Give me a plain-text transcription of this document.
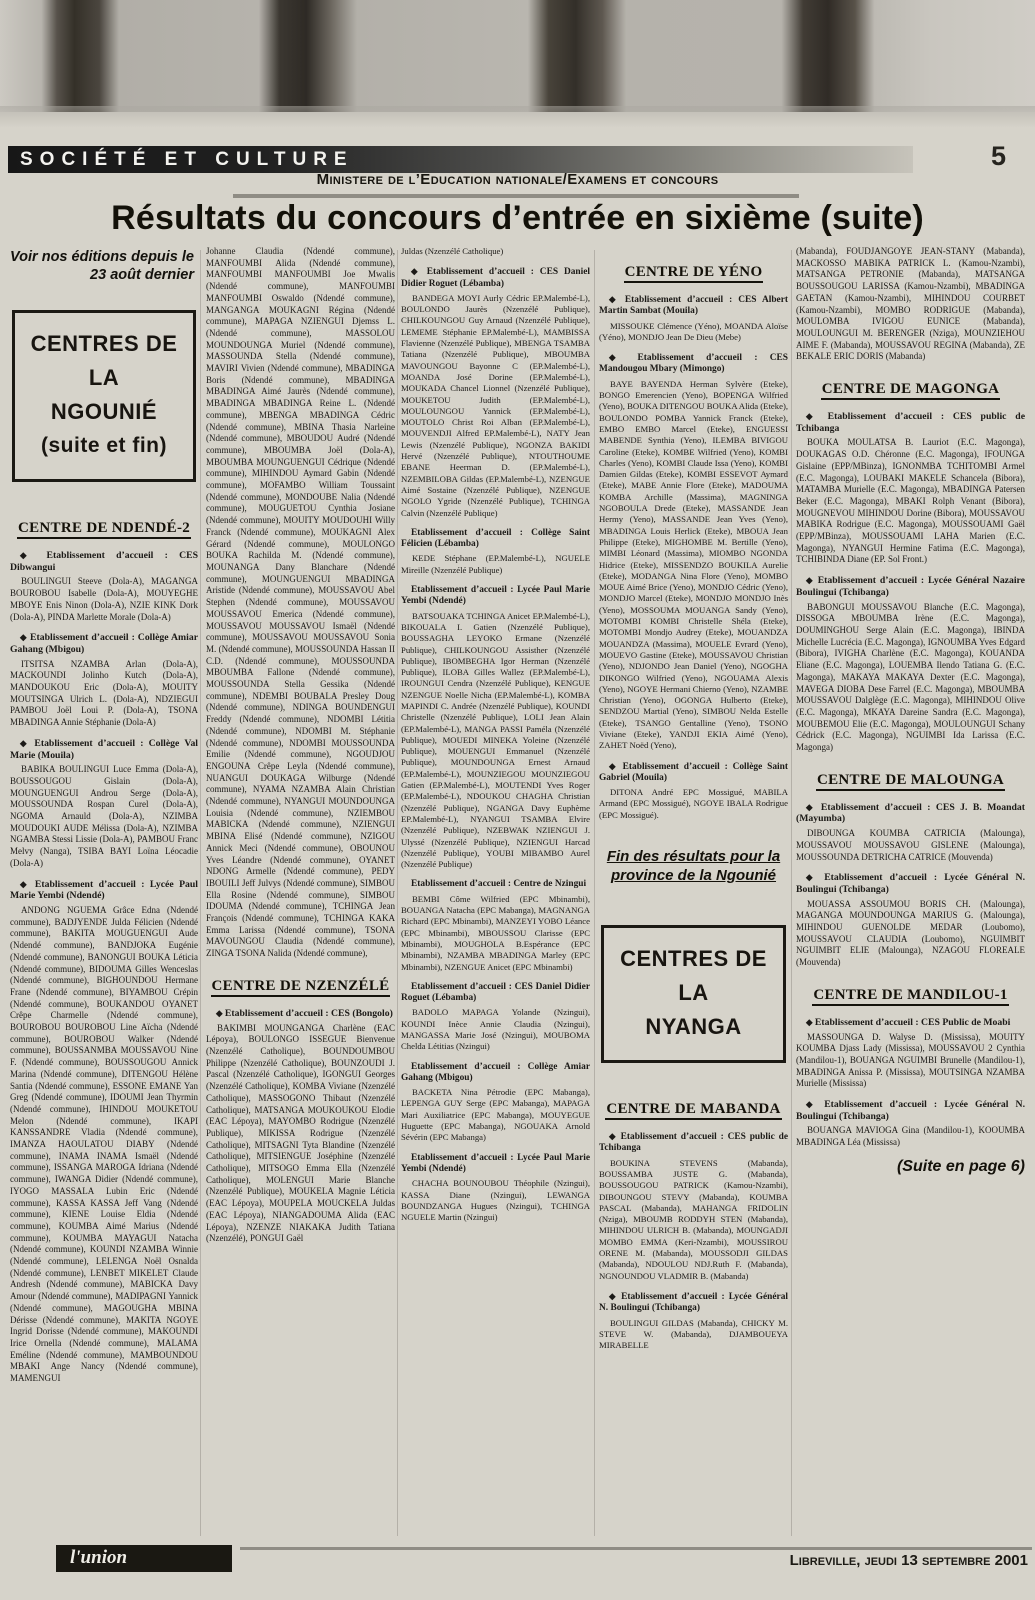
SOCIÉTÉ ET CULTURE	5
Ministere de l’Education nationale/Examens et concours
Résultats du concours d’entrée en sixième (suite)
Voir nos éditions depuis le 23 août dernier
CENTRES DE LA
NGOUNIÉ
(suite et fin)
CENTRE DE NDENDÉ-2

◆ Etablissement d’accueil : CES Dibwangui

BOULINGUI Steeve (Dola-A), MAGANGA BOUROBOU Isabelle (Dola-A), MOUYEGHE MBOYE Enis Ninon (Dola-A), NZIE KINK Dork (Dola-A), PINDA Marlette Morale (Dola-A)

◆ Etablissement d’accueil : Collège Amiar Gahang (Mbigou)

ITSITSA NZAMBA Arlan (Dola-A), MACKOUNDI Jolinho Kutch (Dola-A), MANDOUKOU Eric (Dola-A), MOUITY MOUTSINGA Ulrich L. (Dola-A), NDZIEGUI PAMBOU Joël Loui P. (Dola-A), TSONA MBADINGA Annie Stéphanie (Dola-A)

◆ Etablissement d’accueil : Collège Val Marie (Mouila)

BABIKA BOULINGUI Luce Emma (Dola-A), BOUSSOUGOU Gislain (Dola-A), MOUNGUENGUI Androu Serge (Dola-A), MOUSSOUNDA Rospan Curel (Dola-A), NGOMA Arnauld (Dola-A), NZIMBA MOUDOUKI AUDE Mélissa (Dola-A), NZIMBA NGAMBA Stessi Lissie (Dola-A), PAMBOU Franc Melvy (Nanga), TSIBA BAYI Loïna Léocadie (Dola-A)

◆ Etablissement d’accueil : Lycée Paul Marie Yembi (Ndendé)

ANDONG NGUEMA Grâce Edna (Ndendé commune), BADJYENDE Julda Félicien (Ndendé commune), BAKITA MOUGUENGUI Aude (Ndendé commune), BANDJOKA Eugénie (Ndendé commune), BANONGUI BOUKA Léticia (Ndendé commune), BIDOUMA Gilles Wenceslas (Ndendé commune), BIGHOUNDOU Hermane Frane (Ndendé commune), BIYAMBOU Crépin (Ndendé commune), BOUKANDOU OYANET Crêpe Charmelle (Ndendé commune), BOUROBOU BOUROBOU Line Aïcha (Ndendé commune), BOUROBOU Walker (Ndendé commune), BOUSSANMBA MOUSSAVOU Nine F. (Ndendé commune), BOUSSOUGOU Annick Marina (Ndendé commune), DITENGOU Hélène Santia (Ndendé commune), ESSONE EMANE Yan Greg (Ndendé commune), IDOUMI Jean Thyrmin (Ndendé commune), IHINDOU MOUKETOU Melon (Ndendé commune), IKAPI KANSSANDRE Vladia (Ndendé commune), IMANZA HAOULATOU DIABY (Ndendé commune), INAMA INAMA Ismaël (Ndendé commune), ISSANGA MAROGA Idriana (Ndendé commune), IWANGA Didier (Ndendé commune), IYOGO MASSALA Lubin Eric (Ndendé commune), KASSA KASSA Jeff Vang (Ndendé commune), KIENE Louise Eldia (Ndendé commune), KOUMBA Aimé Marius (Ndendé commune), KOUMBA MAYAGUI Natacha (Ndendé commune), KOUNDI NZAMBA Winnie (Ndendé commune), LELENGA Noël Osnalda (Ndendé commune), LENBET MIKELET Claude Andresh (Ndendé commune), MABICKA Davy Amour (Ndendé commune), MADIPAGNI Yannick (Ndendé commune), MAGOUGHA MBINA Dérisse (Ndendé commune), MAKITA NGOYE Ingrid Dorisse (Ndendé commune), MAKOUNDI Irice Ornella (Ndendé commune), MALAMA Eméline (Ndendé commune), MAMBOUNDOU MBAKI Ange Nancy (Ndendé commune), MAMENGUI

Johanne Claudia (Ndendé commune), MANFOUMBI Alida (Ndendé commune), MANFOUMBI MANFOUMBI Joe Mwalis (Ndendé commune), MANFOUMBI MANFOUMBI Oswaldo (Ndendé commune), MANGANGA MOUKAGNI Régina (Ndendé commune), MAPAGA NZIENGUI Djemss L. (Ndendé commune), MASSOLOU MOUNDOUNGA Muriel (Ndendé commune), MASSOUNDA Stella (Ndendé commune), MAVIRI Vivien (Ndendé commune), MBADINGA Boris (Ndendé commune), MBADINGA MBADINGA Aimé Jaurès (Ndendé commune), MBADINGA MBADINGA Reine L. (Ndendé commune), MBENGA MBADINGA Cédric (Ndendé commune), MBINA Thasia Narleine (Ndendé commune), MBOUDOU Audré (Ndendé commune), MBOUMBA Joël (Dola-A), MBOUMBA MOUNGUENGUI Cédrique (Ndendé commune), MIHINDOU Aymard Gabin (Ndendé commune), MOFAMBO William Toussaint (Ndendé commune), MONDOUBE Nalia (Ndendé commune), MOUGUETOU Cynthia Josiane (Ndendé commune), MOUITY MOUDOUHI Willy Franck (Ndendé commune), MOUKAGNI Alex Gérard (Ndendé commune), MOULONGO BOUKA Rachilda M. (Ndendé commune), MOUNANGA Dany Blanchare (Ndendé commune), MOUNGUENGUI MBADINGA Aristide (Ndendé commune), MOUSSAVOU Abel Stephen (Ndendé commune), MOUSSAVOU MOUSSAVOU Emerica (Ndendé commune), MOUSSAVOU MOUSSAVOU Ismaël (Ndendé commune), MOUSSAVOU MOUSSAVOU Sonia M. (Ndendé commune), MOUSSOUNDA Hassan II C.D. (Ndendé commune), MOUSSOUNDA MBOUMBA Fallone (Ndendé commune), MOUSSOUNDA Stella Gessika (Ndendé commune), NDEMBI BOUBALA Presley Doug (Ndendé commune), NDINGA BOUNDENGUI Freddy (Ndendé commune), NDOMBI Létitia (Ndendé commune), NDOMBI M. Stéphanie (Ndendé commune), NDOMBI MOUSSOUNDA Emilie (Ndendé commune), NGOUDJOU ENGOUNA Crêpe Leyla (Ndendé commune), NUANGUI DOUKAGA Wilburge (Ndendé commune), NYAMA NZAMBA Alain Christian (Ndendé commune), NYANGUI MOUNDOUNGA Louisia (Ndendé commune), NZIEMBOU MABICKA (Ndendé commune), NZIENGUI MBINA Elisé (Ndendé commune), NZIGOU Annick Meci (Ndendé commune), OBOUNOU Yves Léandre (Ndendé commune), OYANET NDONG Armelle (Ndendé commune), PEDY IBOUILI Jeff Julvys (Ndendé commune), SIMBOU Ella Rosine (Ndendé commune), SIMBOU IDOUMA (Ndendé commune), TCHINGA Jean François (Ndendé commune), TCHINGA KAKA Emma Larissa (Ndendé commune), TSONA MAVOUNGOU Claudia (Ndendé commune), ZINGA TSONA Nalida (Ndendé commune),

CENTRE DE NZENZÉLÉ

◆ Etablissement d’accueil : CES (Bongolo)

BAKIMBI MOUNGANGA Charlène (EAC Lépoya), BOULONGO ISSEGUE Bienvenue (Nzenzélé Catholique), BOUNDOUMBOU Philippe (Nzenzélé Catholique), BOUNZOUDI J. Pascal (Nzenzélé Catholique), IGONGUI Georges (Nzenzélé Catholique), KOMBA Viviane (Nzenzélé Catholique), MASSOGONO Thibaut (Nzenzélé Catholique), MATSANGA MOUKOUKOU Elodie (EAC Lépoya), MAYOMBO Rodrigue (Nzenzélé Publique), MIKISSA Rodrigue (Nzenzélé Catholique), MITSAGNI Tyta Blandine (Nzenzélé Catholique), MITSIENGUE Joséphine (Nzenzélé Catholique), MITSOGO Emma Ella (Nzenzélé Catholique), MOLENGUI Marie Blanche (Nzenzélé Publique), MOUKELA Magnie Léticia (EAC Lépoya), MOUPELA MOUCKELA Juldas (EAC Lépoya), NIANGADOUMA Alida (EAC Lépoya), NZENZE NIAKAKA Judith Tatiana (Nzenzélé), PONGUI Gaël

Juldas (Nzenzélé Catholique)

◆ Etablissement d’accueil : CES Daniel Didier Roguet (Lébamba)

BANDEGA MOYI Aurly Cédric EP.Malembé-L), BOULONDO Jaurès (Nzenzélé Publique), CHILKOUNGOU Guy Arnaud (Nzenzélé Publique), LEMEME Stéphanie EP.Malembé-L), MAMBISSA Flavienne (Nzenzélé Publique), MBENGA TSAMBA Tatiana (Nzenzélé Publique), MBOUMBA MAVOUNGOU Bayonne C (EP.Malembé-L), MOANDA José Dorine (EP.Malembé-L), MOUKADA Chancel Lionnel (Nzenzélé Publique), MOUKETOU Judith (EP.Malembé-L), MOULOUNGOU Yannick (EP.Malembé-L), MOUTOLO Christ Roi Alban (EP.Malembé-L), MOUVENDJI Alfred EP.Malembé-L), NATY Jean Lewis (Nzenzélé Publique), NGONZA BAKIDI Hervé (Nzenzélé Publique), NTOUTHOUME EBANE Heerman D. (EP.Malembé-L), NZEMBILOBA Gildas (EP.Malembé-L), NZENGUE Aimé Sostaine (Nzenzélé Publique), NZENGUE NGOLO Ygride (Nzenzélé Publique), TCHINGA Calvin (Nzenzélé Publique)

Etablissement d’accueil : Collège Saint Félicien (Lébamba)

KEDE Stéphane (EP.Malembé-L), NGUELE Mireille (Nzenzélé Publique)

Etablissement d’accueil : Lycée Paul Marie Yembi (Ndendé)

BATSOUAKA TCHINGA Anicet EP.Malembé-L), BIKOUALA I. Gatien (Nzenzélé Publique), BOUSSAGHA LEYOKO Ermane (Nzenzélé Publique), CHILKOUNGOU Assisther (Nzenzélé Publique), IBOMBEGHA Igor Herman (Nzenzélé Publique), ILOBA Gilles Wallez (EP.Malembé-L), IROUNGUI Cendra (Nzenzélé Publique), KENGUE NZENGUE Noelle Nicha (EP.Malembé-L), KOMBA MAPINDI C. Andrée (Nzenzélé Publique), KOUNDI Christelle (Nzenzélé Publique), LOLI Jean Alain (EP.Malembé-L), MANGA PASSI Paméla (Nzenzélé Publique), MOUEDI MINEKA Yoleine (Nzenzélé Publique), MOUENGUI Emmanuel (Nzenzélé Publique), MOUNDOUNGA Ernest Arnaud (EP.Malembé-L), MOUNZIEGOU MOUNZIEGOU Gatien (EP.Malembé-L), MOUTENDI Yves Roger (EP.Malembé-L), NDOUKOU CHAGHA Christian (Nzenzélé Publique), NGANGA Davy Euphème EP.Malembé-L), NYANGUI TSAMBA Elvire (Nzenzélé Publique), NZEBWAK NZIENGUI J. Ulyssé (Nzenzélé Publique), NZIENGUI Harcad (Nzenzélé Publique), YOUBI MIBAMBO Aurel (Nzenzélé Publique)

Etablissement d’accueil : Centre de Nzingui

BEMBI Côme Wilfried (EPC Mbinambi), BOUANGA Natacha (EPC Mabanga), MAGNANGA Richard (EPC Mbinambi), MANZEYI YOBO Léance (EPC Mbinambi), MBOUSSOU Clarisse (EPC Mbinambi), MOUGHOLA B.Espérance (EPC Mbinambi), NZAMBA MBADINGA Marley (EPC Mbinambi), NZENGUE Anicet (EPC Mbinambi)

Etablissement d’accueil : CES Daniel Didier Roguet (Lébamba)

BADOLO MAPAGA Yolande (Nzingui), KOUNDI Inèce Annie Claudia (Nzingui), MANGASSA Marie José (Nzingui), MOUBOMA Chelda Létitias (Nzingui)

Etablissement d’accueil : Collège Amiar Gahang (Mbigou)

BACKETA Nina Pétrodie (EPC Mabanga), LEPENGA GUY Serge (EPC Mabanga), MAPAGA Mari Auxiliatrice (EPC Mabanga), MOUYEGUE Huguette (EPC Mabanga), NGOUAKA Arnold Sévérin (EPC Mabanga)

Etablissement d’accueil : Lycée Paul Marie Yembi (Ndendé)

CHACHA BOUNOUBOU Théophile (Nzingui), KASSA Diane (Nzingui), LEWANGA BOUNDZANGA Hugues (Nzingui), TCHINGA NGUELE Martin (Nzingui)

CENTRE DE YÉNO

◆ Etablissement d’accueil : CES Albert Martin Sambat (Mouila)

MISSOUKE Clémence (Yéno), MOANDA Aloïse (Yéno), MONDJO Jean De Dieu (Mebe)

◆ Etablissement d’accueil : CES Mandougou Mbary (Mimongo)

BAYE BAYENDA Herman Sylvère (Eteke), BONGO Emerencien (Yeno), BOPENGA Wilfried (Yeno), BOUKA DITENGOU BOUKA Alida (Eteke), BOULONDO POMBA Yannick Franck (Eteke), EMBO EMBO Marcel (Eteke), ENGUESSI MABENDE Synthia (Yeno), ILEMBA BIVIGOU Caroline (Eteke), KOMBE Wilfried (Yeno), KOMBI Charles (Yeno), KOMBI Claude Issa (Yeno), KOMBI Damien Gildas (Eteke), KOMBI ESSEVOT Aymard (Eteke), MABE Annie Flore (Eteke), MADOUMA KOMBA Archille (Massima), MAGNINGA NGOBOULA Drede (Eteke), MASSANDE Jean Hermy (Yeno), MASSANDE Jean Yves (Yeno), MBADINGA Louis Herlick (Eteke), MBOUA Jean Philippe (Eteke), MIGHOMBE M. Bertille (Yeno), MIMBI Léonard (Massima), MIOMBO NGONDA Hidrice (Eteke), MISSENDZO BOUKILA Aurelie (Eteke), MODANGA Nina Flore (Yeno), MOMBO MOUE Aimé Brice (Yeno), MONDJO Cédric (Yeno), MONDJO Marcel (Eteke), MONDJO MONDJO Inès (Yeno), MOSSOUMA MOUANGA Sandy (Yeno), MOTOMBI KOMBI Christelle Shéla (Eteke), MOTOMBI Mondjo Audrey (Eteke), MOUANDZA MOUANDZA (Massima), MOUELE Evrard (Yeno), MOUEVO Gastine (Eteke), MOUSSAVOU Christian (Yeno), NDJONDO Jean Daniel (Yeno), NGOGHA DIKONGO Wilfried (Yeno), NGOUAMA Alexis (Yeno), NGOYE Hermani Chierno (Yeno), NZAMBE Christian (Yeno), OGONGA Hulberto (Eteke), SENDZOU Martial (Yeno), SIMBOU Nelda Estelle (Eteke), TSANGO Gentalline (Yeno), TSONO Viviane (Eteke), YANDJI EKIA Aimé (Yeno), ZAHET Noëd (Yeno),

◆ Etablissement d’accueil : Collège Saint Gabriel (Mouila)

DITONA André EPC Mossigué, MABILA Armand (EPC Mossigué), NGOYE IBALA Rodrigue (EPC Mossigué).

Fin des résultats pour la
province de la Ngounié
CENTRES DE LA
NYANGA
CENTRE DE MABANDA

◆ Etablissement d’accueil : CES public de Tchibanga

BOUKINA STEVENS (Mabanda), BOUSSAMBA JUSTE G. (Mabanda), BOUSSOUGOU PATRICK (Kamou-Nzambi), DIBOUNGOU STEVY (Mabanda), KOUMBA PASCAL (Mabanda), MAHANGA FRIDOLIN (Nziga), MBOUMB RODDYH STEN (Mabanda), MIHINDOU ULRICH B. (Mabanda), MOUNGADJI MOMBO EMMA (Keri-Nzambi), MOUSSIROU ORENE M. (Mabanda), MOUSSODJI GILDAS (Mabanda), NDOULOU NDJ.Ruth F. (Mabanda), NGNOUNDOU VLADMIR B. (Mabanda)

◆ Etablissement d’accueil : Lycée Général N. Boulingui (Tchibanga)

BOULINGUI GILDAS (Mabanda), CHICKY M. STEVE W. (Mabanda), DJAMBOUEYA MIRABELLE

(Mabanda), FOUDJANGOYE JEAN-STANY (Mabanda), MACKOSSO MABIKA PATRICK L. (Kamou-Nzambi), MATSANGA PETRONIE (Mabanda), MATSANGA BOUSSOUGOU LARISSA (Kamou-Nzambi), MBADINGA GAETAN (Kamou-Nzambi), MIHINDOU COURBET (Kamou-Nzambi), MOMBO RODRIGUE (Mabanda), MOULOMBA IVIGOU EUNICE (Mabanda), MOULOUNGUI M. BERENGER (Nziga), MOUNZIEHOU AIME F. (Mabanda), MOUSSAVOU REGINA (Mabanda), ZE BEKALE ERIC DORIS (Mabanda)

CENTRE DE MAGONGA

◆ Etablissement d’accueil : CES public de Tchibanga

BOUKA MOULATSA B. Lauriot (E.C. Magonga), DOUKAGAS O.D. Chéronne (E.C. Magonga), IFOUNGA Gislaine (EPP/MBinza), IGNONMBA TCHITOMBI Armel (E.C. Magonga), LOUBAKI MAKELE Schancela (Bibora), MATAMBA Murielle (E.C. Magonga), MBADINGA Patersen Beker (E.C. Magonga), MBAKI Rolph Venant (Bibora), MOUGNEVOU MIHINDOU Dorine (Bibora), MOUSSAVOU MABIKA Rodrigue (E.C. Magonga), MOUSSOUAMI Gaël (EPP/MBinza), MOUSSOUAMI LAHA Marien (E.C. Magonga), NYANGUI Hermine Fatima (E.C. Magonga), TCHIBINDA Diane (EP. Sol Front.)

◆ Etablissement d’accueil : Lycée Général Nazaire Boulingui (Tchibanga)

BABONGUI MOUSSAVOU Blanche (E.C. Magonga), DISSOGA MBOUMBA Irène (E.C. Magonga), DOUMINGHOU Serge Alain (E.C. Magonga), IBINDA Michelle Lucrécia (E.C. Magonga), IGNOUMBA Yves Edgard (Bibora), IVIGHA Charlène (E.C. Magonga), KOUANDA Eliane (E.C. Magonga), LOUEMBA Ilendo Tatiana G. (E.C. Magonga), MAKAYA MAKAYA Dexter (E.C. Magonga), MAVEGA DIOBA Dese Farrel (E.C. Magonga), MBOUMBA MOUSSAVOU Dalglège (E.C. Magonga), MIHINDOU Olive (E.C. Magonga), MKAYA Dareine Sandra (E.C. Magonga), MOUBEMOU Elie (E.C. Magonga), MOULOUNGUI Schany Cédrick (E.C. Magonga), NGUIMBI Ida Larissa (E.C. Magonga)

CENTRE DE MALOUNGA

◆ Etablissement d’accueil : CES J. B. Moandat (Mayumba)

DIBOUNGA KOUMBA CATRICIA (Malounga), MOUSSAVOU MOUSSAVOU GISLENE (Malounga), MOUSSOUNDA DETRICHA CATRICE (Mouvenda)

◆ Etablissement d’accueil : Lycée Général N. Boulingui (Tchibanga)

MOUASSA ASSOUMOU BORIS CH. (Malounga), MAGANGA MOUNDOUNGA MARIUS G. (Malounga), MIHINDOU GUENOLDE MEDAR (Loubomo), MOUSSAVOU CLAUDIA (Loubomo), NGUIMBIT NGUIMBIT ELIE (Malounga), NZAGOU FLOREALE (Mouvenda)

CENTRE DE MANDILOU-1

◆ Etablissement d’accueil : CES Public de Moabi

MASSOUNGA D. Walyse D. (Mississa), MOUITY KOUMBA Djass Lady (Mississa), MOUSSAVOU 2 Cynthia (Mandilou-1), BOUANGA NGUIMBI Brunelle (Mandilou-1), MBADINGA Anissa P. (Mississa), MOUTSINGA NZAMBA Murielle (Mississa)

◆ Etablissement d’accueil : Lycée Général N. Boulingui (Tchibanga)

BOUANGA MAVIOGA Gina (Mandilou-1), KOOUMBA MBADINGA Léa (Mississa)

(Suite en page 6)
l'union	Libreville, jeudi 13 septembre 2001
